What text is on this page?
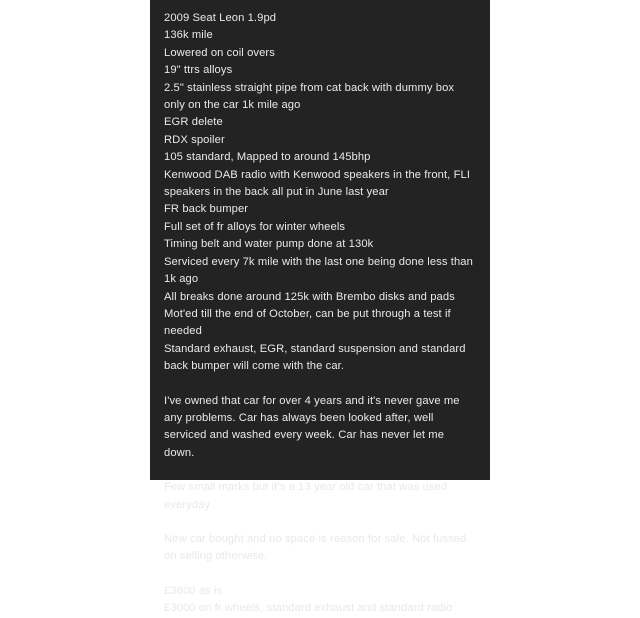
2009 Seat Leon 1.9pd
136k mile
Lowered on coil overs
19" ttrs alloys
2.5" stainless straight pipe from cat back with dummy box only on the car 1k mile ago
EGR delete
RDX spoiler
105 standard, Mapped to around 145bhp
Kenwood DAB radio with Kenwood speakers in the front, FLI speakers in the back all put in June last year
FR back bumper
Full set of fr alloys for winter wheels
Timing belt and water pump done at 130k
Serviced every 7k mile with the last one being done less than 1k ago
All breaks done around 125k with Brembo disks and pads
Mot'ed till the end of October, can be put through a test if needed
Standard exhaust, EGR, standard suspension and standard back bumper will come with the car.

I've owned that car for over 4 years and it's never gave me any problems. Car has always been looked after, well serviced and washed every week. Car has never let me down.

Few small marks but it's a 13 year old car that was used everyday

New car bought and no space is reason for sale. Not fussed on selling otherwise.

£3600 as is

£3000 on fr wheels, standard exhaust and standard radio
